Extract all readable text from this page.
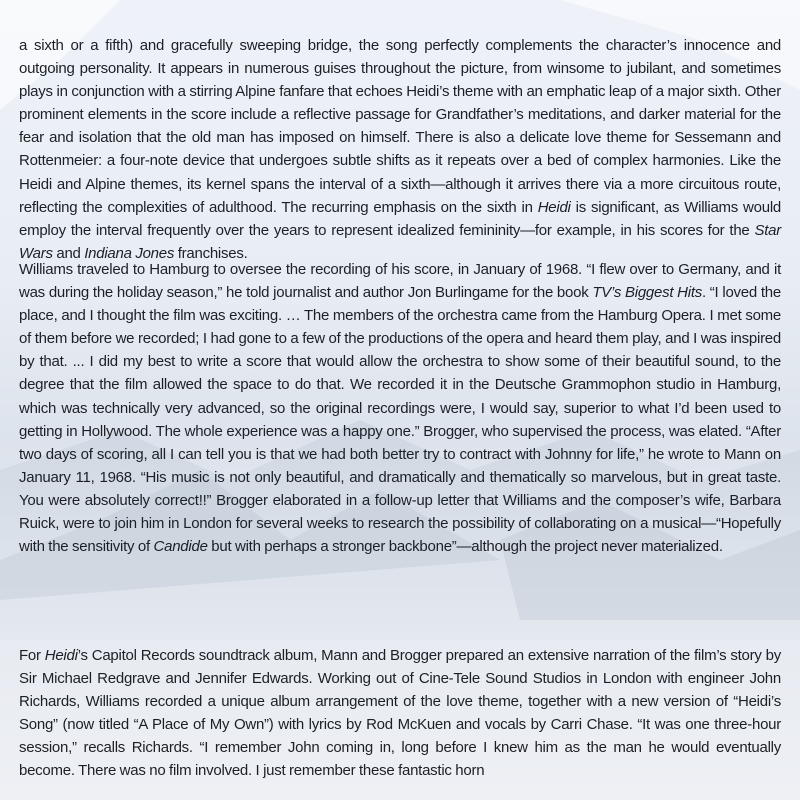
a sixth or a fifth) and gracefully sweeping bridge, the song perfectly complements the character’s innocence and outgoing personality. It appears in numerous guises throughout the picture, from winsome to jubilant, and sometimes plays in conjunction with a stirring Alpine fanfare that echoes Heidi’s theme with an emphatic leap of a major sixth. Other prominent elements in the score include a reflective passage for Grandfather’s meditations, and darker material for the fear and isolation that the old man has imposed on himself. There is also a delicate love theme for Sessemann and Rottenmeier: a four-note device that undergoes subtle shifts as it repeats over a bed of complex harmonies. Like the Heidi and Alpine themes, its kernel spans the interval of a sixth—although it arrives there via a more circuitous route, reflecting the complexities of adulthood. The recurring emphasis on the sixth in Heidi is significant, as Williams would employ the interval frequently over the years to represent idealized femininity—for example, in his scores for the Star Wars and Indiana Jones franchises.

Williams traveled to Hamburg to oversee the recording of his score, in January of 1968. “I flew over to Germany, and it was during the holiday season,” he told journalist and author Jon Burlingame for the book TV’s Biggest Hits. “I loved the place, and I thought the film was exciting. … The members of the orchestra came from the Hamburg Opera. I met some of them before we recorded; I had gone to a few of the productions of the opera and heard them play, and I was inspired by that. ... I did my best to write a score that would allow the orchestra to show some of their beautiful sound, to the degree that the film allowed the space to do that. We recorded it in the Deutsche Grammophon studio in Hamburg, which was technically very advanced, so the original recordings were, I would say, superior to what I’d been used to getting in Hollywood. The whole experience was a happy one.” Brogger, who supervised the process, was elated. “After two days of scoring, all I can tell you is that we had both better try to contract with Johnny for life,” he wrote to Mann on January 11, 1968. “His music is not only beautiful, and dramatically and thematically so marvelous, but in great taste. You were absolutely correct!!” Brogger elaborated in a follow-up letter that Williams and the composer’s wife, Barbara Ruick, were to join him in London for several weeks to research the possibility of collaborating on a musical—“Hopefully with the sensitivity of Candide but with perhaps a stronger backbone”—although the project never materialized.

For Heidi’s Capitol Records soundtrack album, Mann and Brogger prepared an extensive narration of the film’s story by Sir Michael Redgrave and Jennifer Edwards. Working out of Cine-Tele Sound Studios in London with engineer John Richards, Williams recorded a unique album arrangement of the love theme, together with a new version of “Heidi’s Song” (now titled “A Place of My Own”) with lyrics by Rod McKuen and vocals by Carri Chase. “It was one three-hour session,” recalls Richards. “I remember John coming in, long before I knew him as the man he would eventually become. There was no film involved. I just remember these fantastic horn
